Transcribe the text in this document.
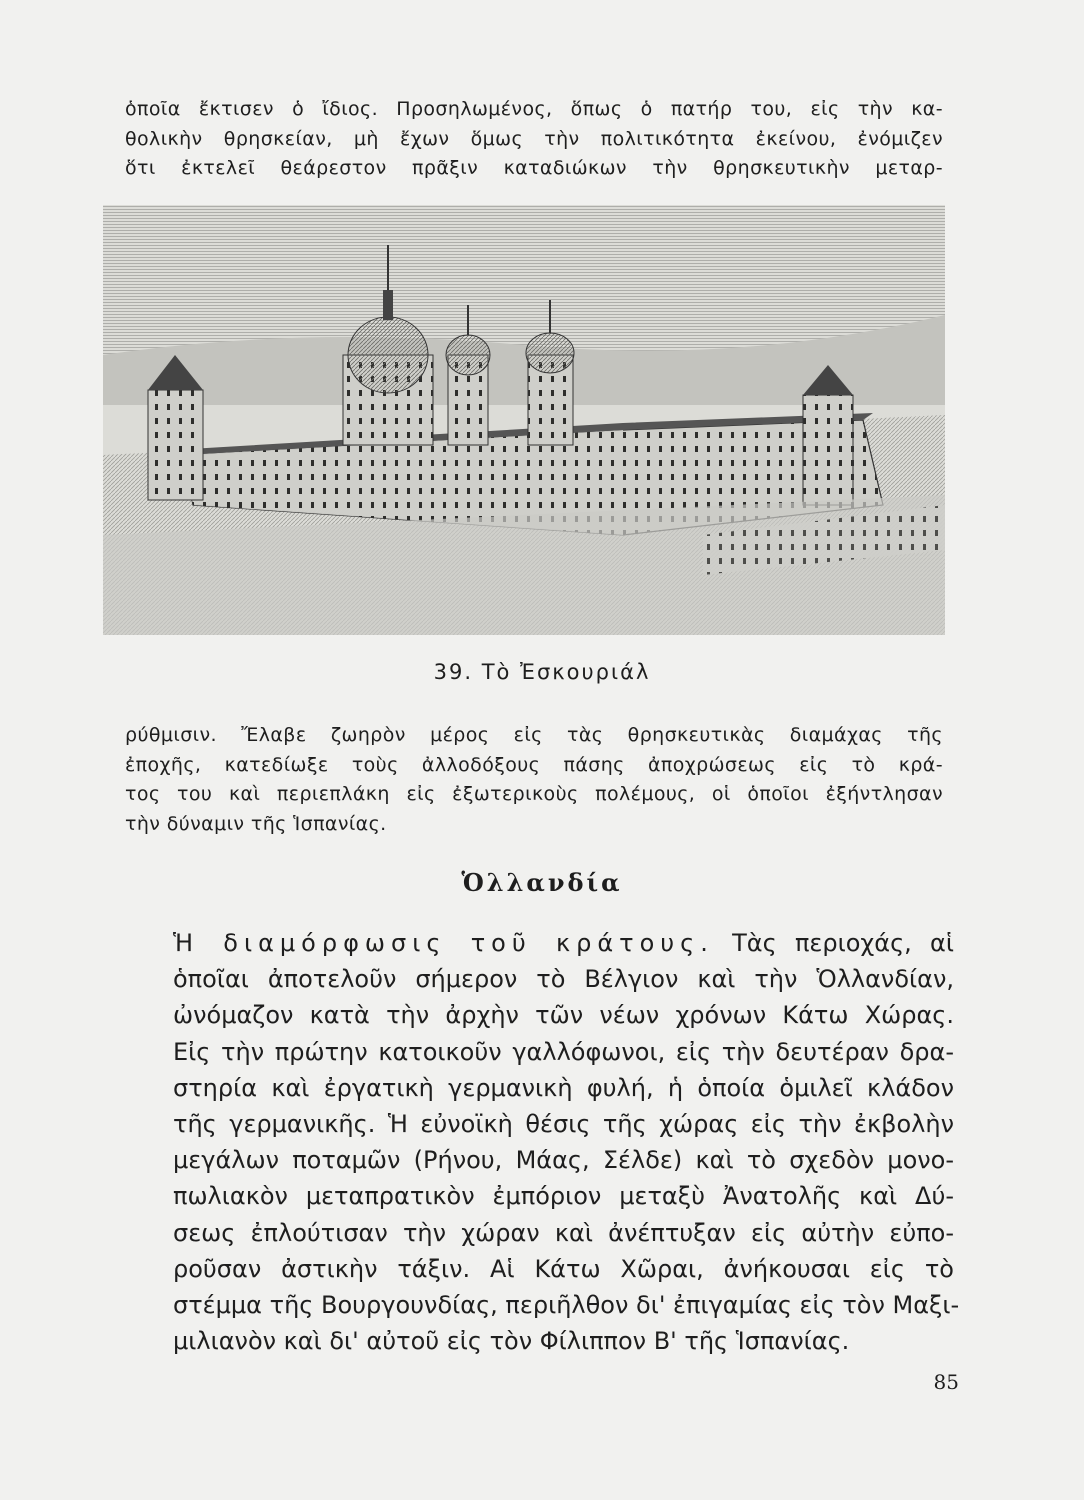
ὁποῖα ἔκτισεν ὁ ἴδιος. Προσηλωμένος, ὅπως ὁ πατήρ του, εἰς τὴν κα-
θολικὴν θρησκείαν, μὴ ἔχων ὅμως τὴν πολιτικότητα ἐκείνου, ἐνόμιζεν
ὅτι ἐκτελεῖ θεάρεστον πρᾶξιν καταδιώκων τὴν θρησκευτικὴν μεταρ-

39. Τὸ Ἐσκουριάλ

ρύθμισιν. Ἔλαβε ζωηρὸν μέρος εἰς τὰς θρησκευτικὰς διαμάχας τῆς
ἐποχῆς, κατεδίωξε τοὺς ἀλλοδόξους πάσης ἀποχρώσεως εἰς τὸ κρά-
τος του καὶ περιεπλάκη εἰς ἐξωτερικοὺς πολέμους, οἱ ὁποῖοι ἐξήντλησαν
τὴν δύναμιν τῆς Ἱσπανίας.

Ὁλλανδία

Ἡ διαμόρφωσις τοῦ κράτους. Τὰς περιοχάς, αἱ
ὁποῖαι ἀποτελοῦν σήμερον τὸ Βέλγιον καὶ τὴν Ὁλλανδίαν,
ὠνόμαζον κατὰ τὴν ἀρχὴν τῶν νέων χρόνων Κάτω Χώρας.
Εἰς τὴν πρώτην κατοικοῦν γαλλόφωνοι, εἰς τὴν δευτέραν δρα-
στηρία καὶ ἐργατικὴ γερμανικὴ φυλή, ἡ ὁποία ὁμιλεῖ κλάδον
τῆς γερμανικῆς. Ἡ εὐνοϊκὴ θέσις τῆς χώρας εἰς τὴν ἐκβολὴν
μεγάλων ποταμῶν (Ρήνου, Μάας, Σέλδε) καὶ τὸ σχεδὸν μονο-
πωλιακὸν μεταπρατικὸν ἐμπόριον μεταξὺ Ἀνατολῆς καὶ Δύ-
σεως ἐπλούτισαν τὴν χώραν καὶ ἀνέπτυξαν εἰς αὐτὴν εὐπο-
ροῦσαν ἀστικὴν τάξιν. Αἱ Κάτω Χῶραι, ἀνήκουσαι εἰς τὸ
στέμμα τῆς Βουργουνδίας, περιῆλθον δι' ἐπιγαμίας εἰς τὸν Μαξι-
μιλιανὸν καὶ δι' αὐτοῦ εἰς τὸν Φίλιππον Β' τῆς Ἱσπανίας.

85
